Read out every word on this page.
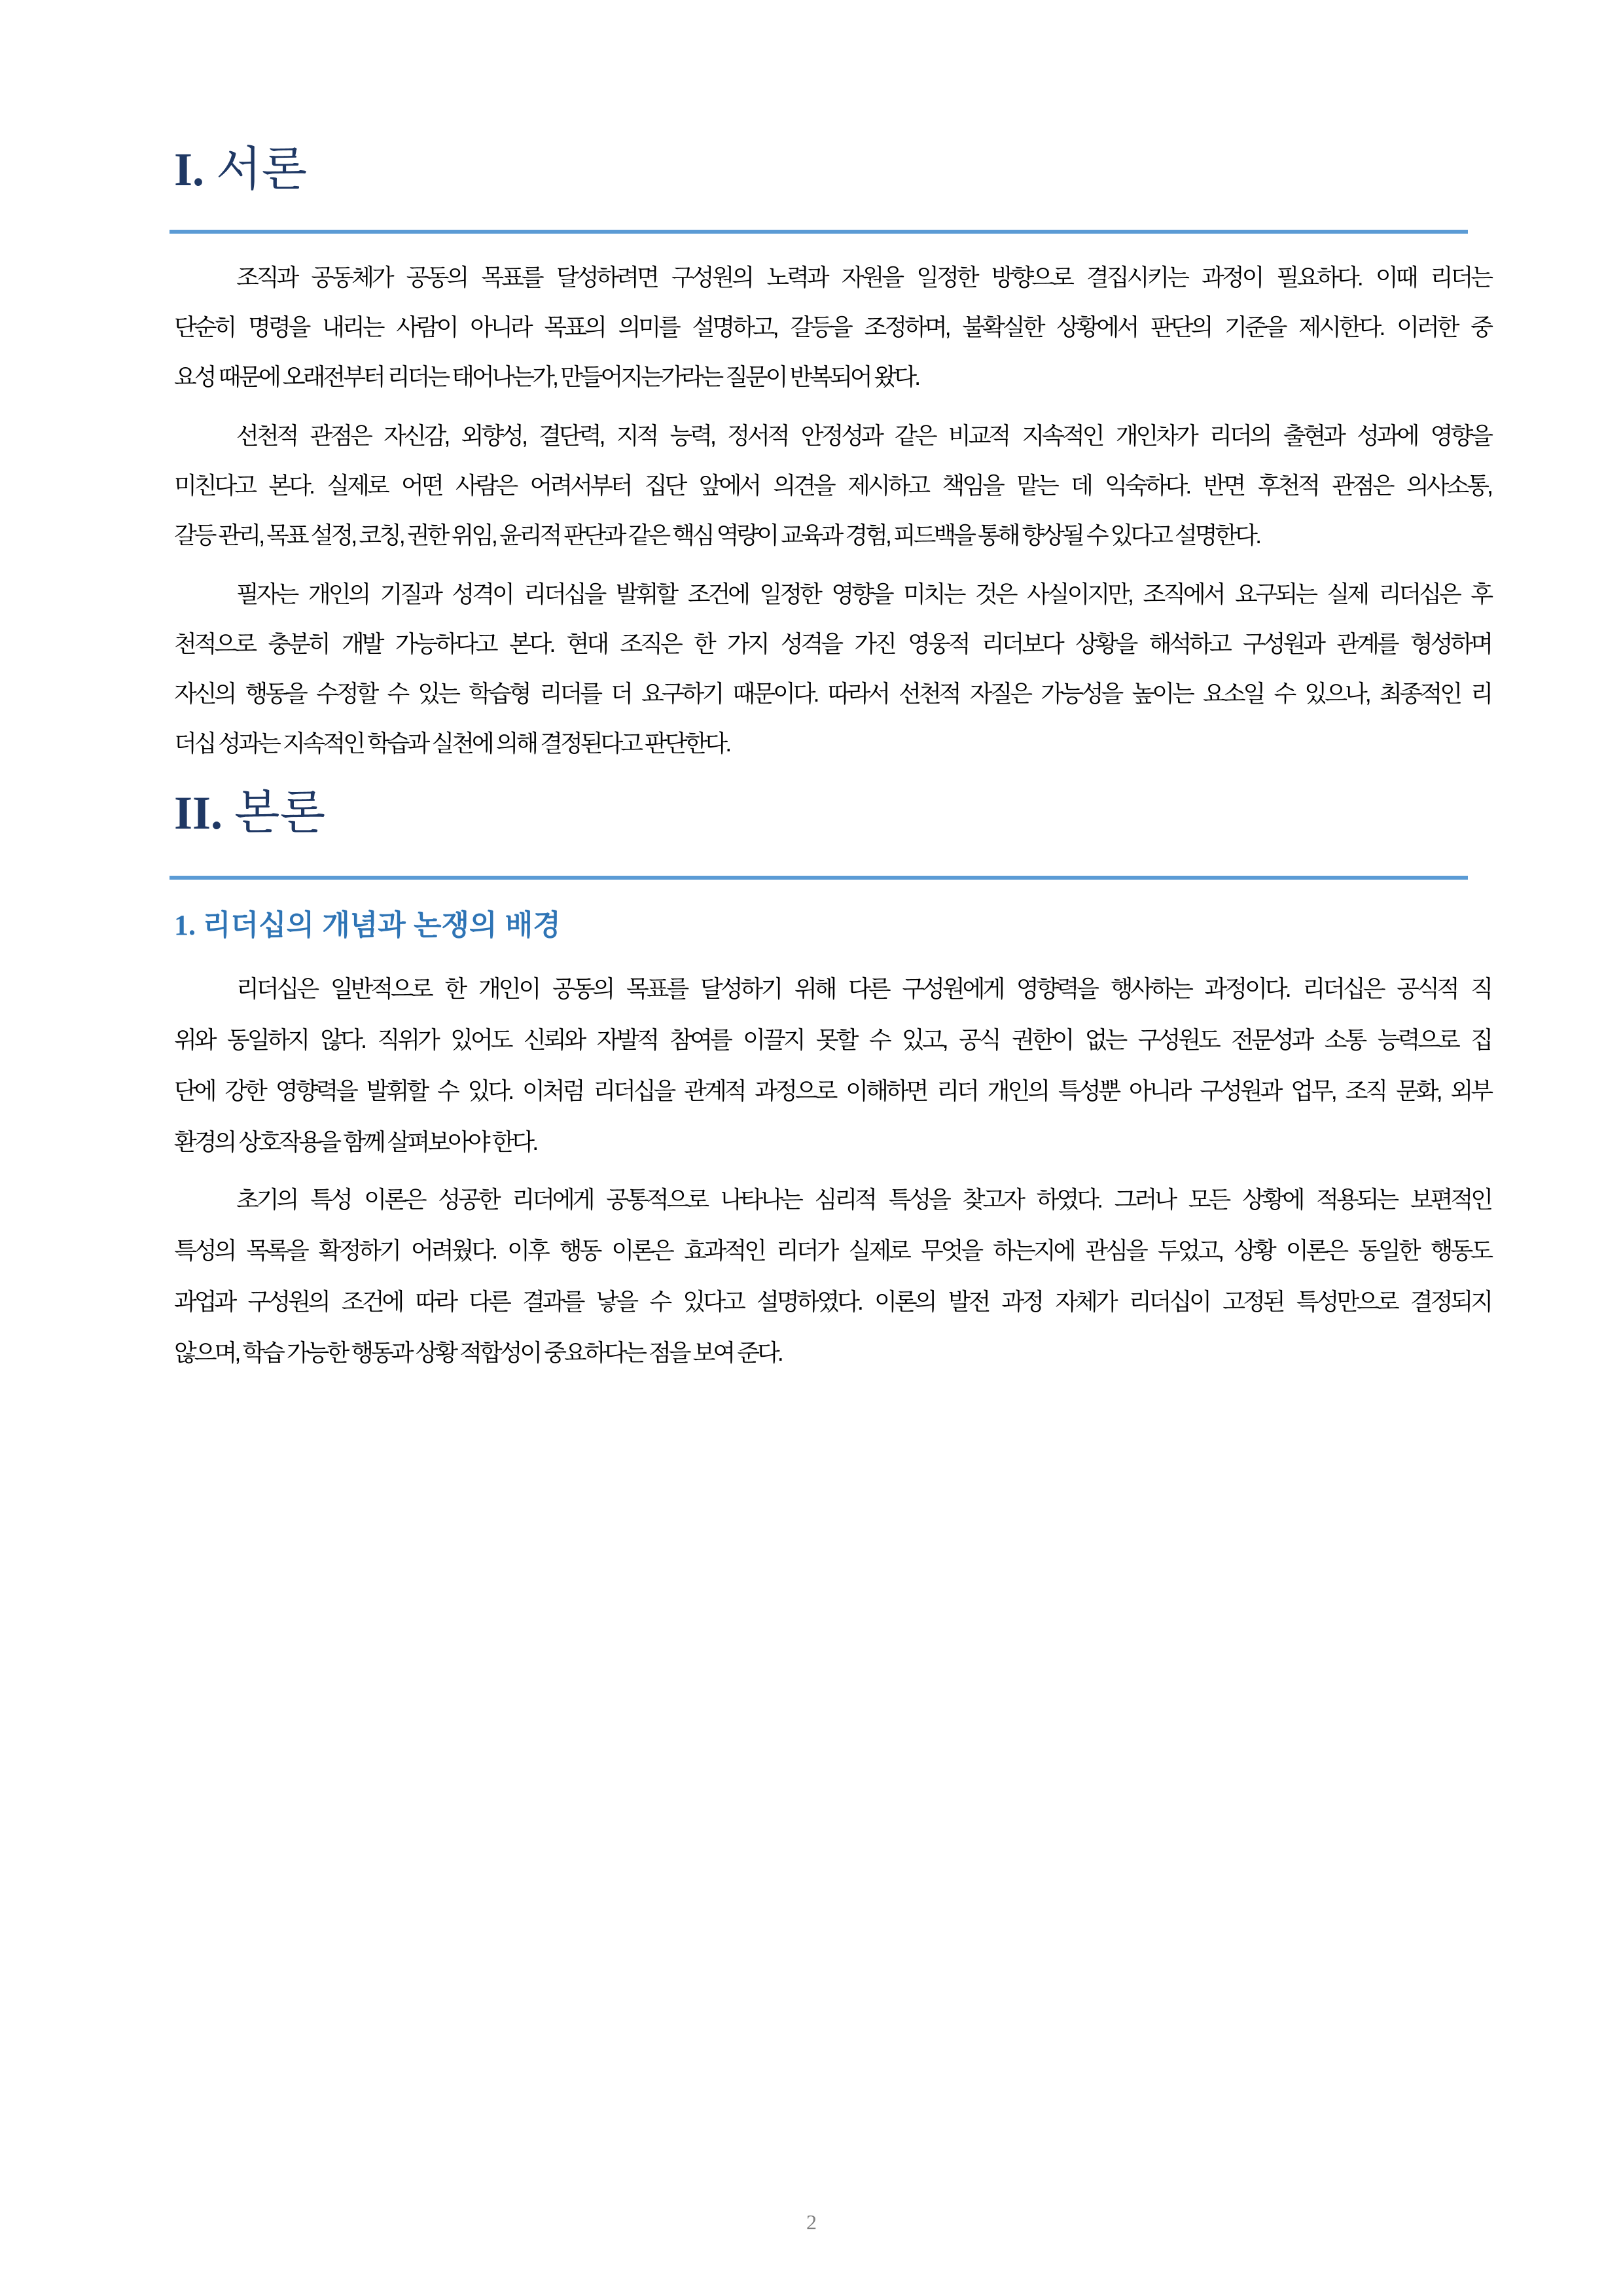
I. 서론
조직과 공동체가 공동의 목표를 달성하려면 구성원의 노력과 자원을 일정한 방향으로 결집시키는 과정이 필요하다. 이때 리더는
단순히 명령을 내리는 사람이 아니라 목표의 의미를 설명하고, 갈등을 조정하며, 불확실한 상황에서 판단의 기준을 제시한다. 이러한 중
요성 때문에 오래전부터 리더는 태어나는가, 만들어지는가라는 질문이 반복되어 왔다.
선천적 관점은 자신감, 외향성, 결단력, 지적 능력, 정서적 안정성과 같은 비교적 지속적인 개인차가 리더의 출현과 성과에 영향을
미친다고 본다. 실제로 어떤 사람은 어려서부터 집단 앞에서 의견을 제시하고 책임을 맡는 데 익숙하다. 반면 후천적 관점은 의사소통,
갈등 관리, 목표 설정, 코칭, 권한 위임, 윤리적 판단과 같은 핵심 역량이 교육과 경험, 피드백을 통해 향상될 수 있다고 설명한다.
필자는 개인의 기질과 성격이 리더십을 발휘할 조건에 일정한 영향을 미치는 것은 사실이지만, 조직에서 요구되는 실제 리더십은 후
천적으로 충분히 개발 가능하다고 본다. 현대 조직은 한 가지 성격을 가진 영웅적 리더보다 상황을 해석하고 구성원과 관계를 형성하며
자신의 행동을 수정할 수 있는 학습형 리더를 더 요구하기 때문이다. 따라서 선천적 자질은 가능성을 높이는 요소일 수 있으나, 최종적인 리
더십 성과는 지속적인 학습과 실천에 의해 결정된다고 판단한다.
II. 본론
1. 리더십의 개념과 논쟁의 배경
리더십은 일반적으로 한 개인이 공동의 목표를 달성하기 위해 다른 구성원에게 영향력을 행사하는 과정이다. 리더십은 공식적 직
위와 동일하지 않다. 직위가 있어도 신뢰와 자발적 참여를 이끌지 못할 수 있고, 공식 권한이 없는 구성원도 전문성과 소통 능력으로 집
단에 강한 영향력을 발휘할 수 있다. 이처럼 리더십을 관계적 과정으로 이해하면 리더 개인의 특성뿐 아니라 구성원과 업무, 조직 문화, 외부
환경의 상호작용을 함께 살펴보아야 한다.
초기의 특성 이론은 성공한 리더에게 공통적으로 나타나는 심리적 특성을 찾고자 하였다. 그러나 모든 상황에 적용되는 보편적인
특성의 목록을 확정하기 어려웠다. 이후 행동 이론은 효과적인 리더가 실제로 무엇을 하는지에 관심을 두었고, 상황 이론은 동일한 행동도
과업과 구성원의 조건에 따라 다른 결과를 낳을 수 있다고 설명하였다. 이론의 발전 과정 자체가 리더십이 고정된 특성만으로 결정되지
않으며, 학습 가능한 행동과 상황 적합성이 중요하다는 점을 보여 준다.
2
